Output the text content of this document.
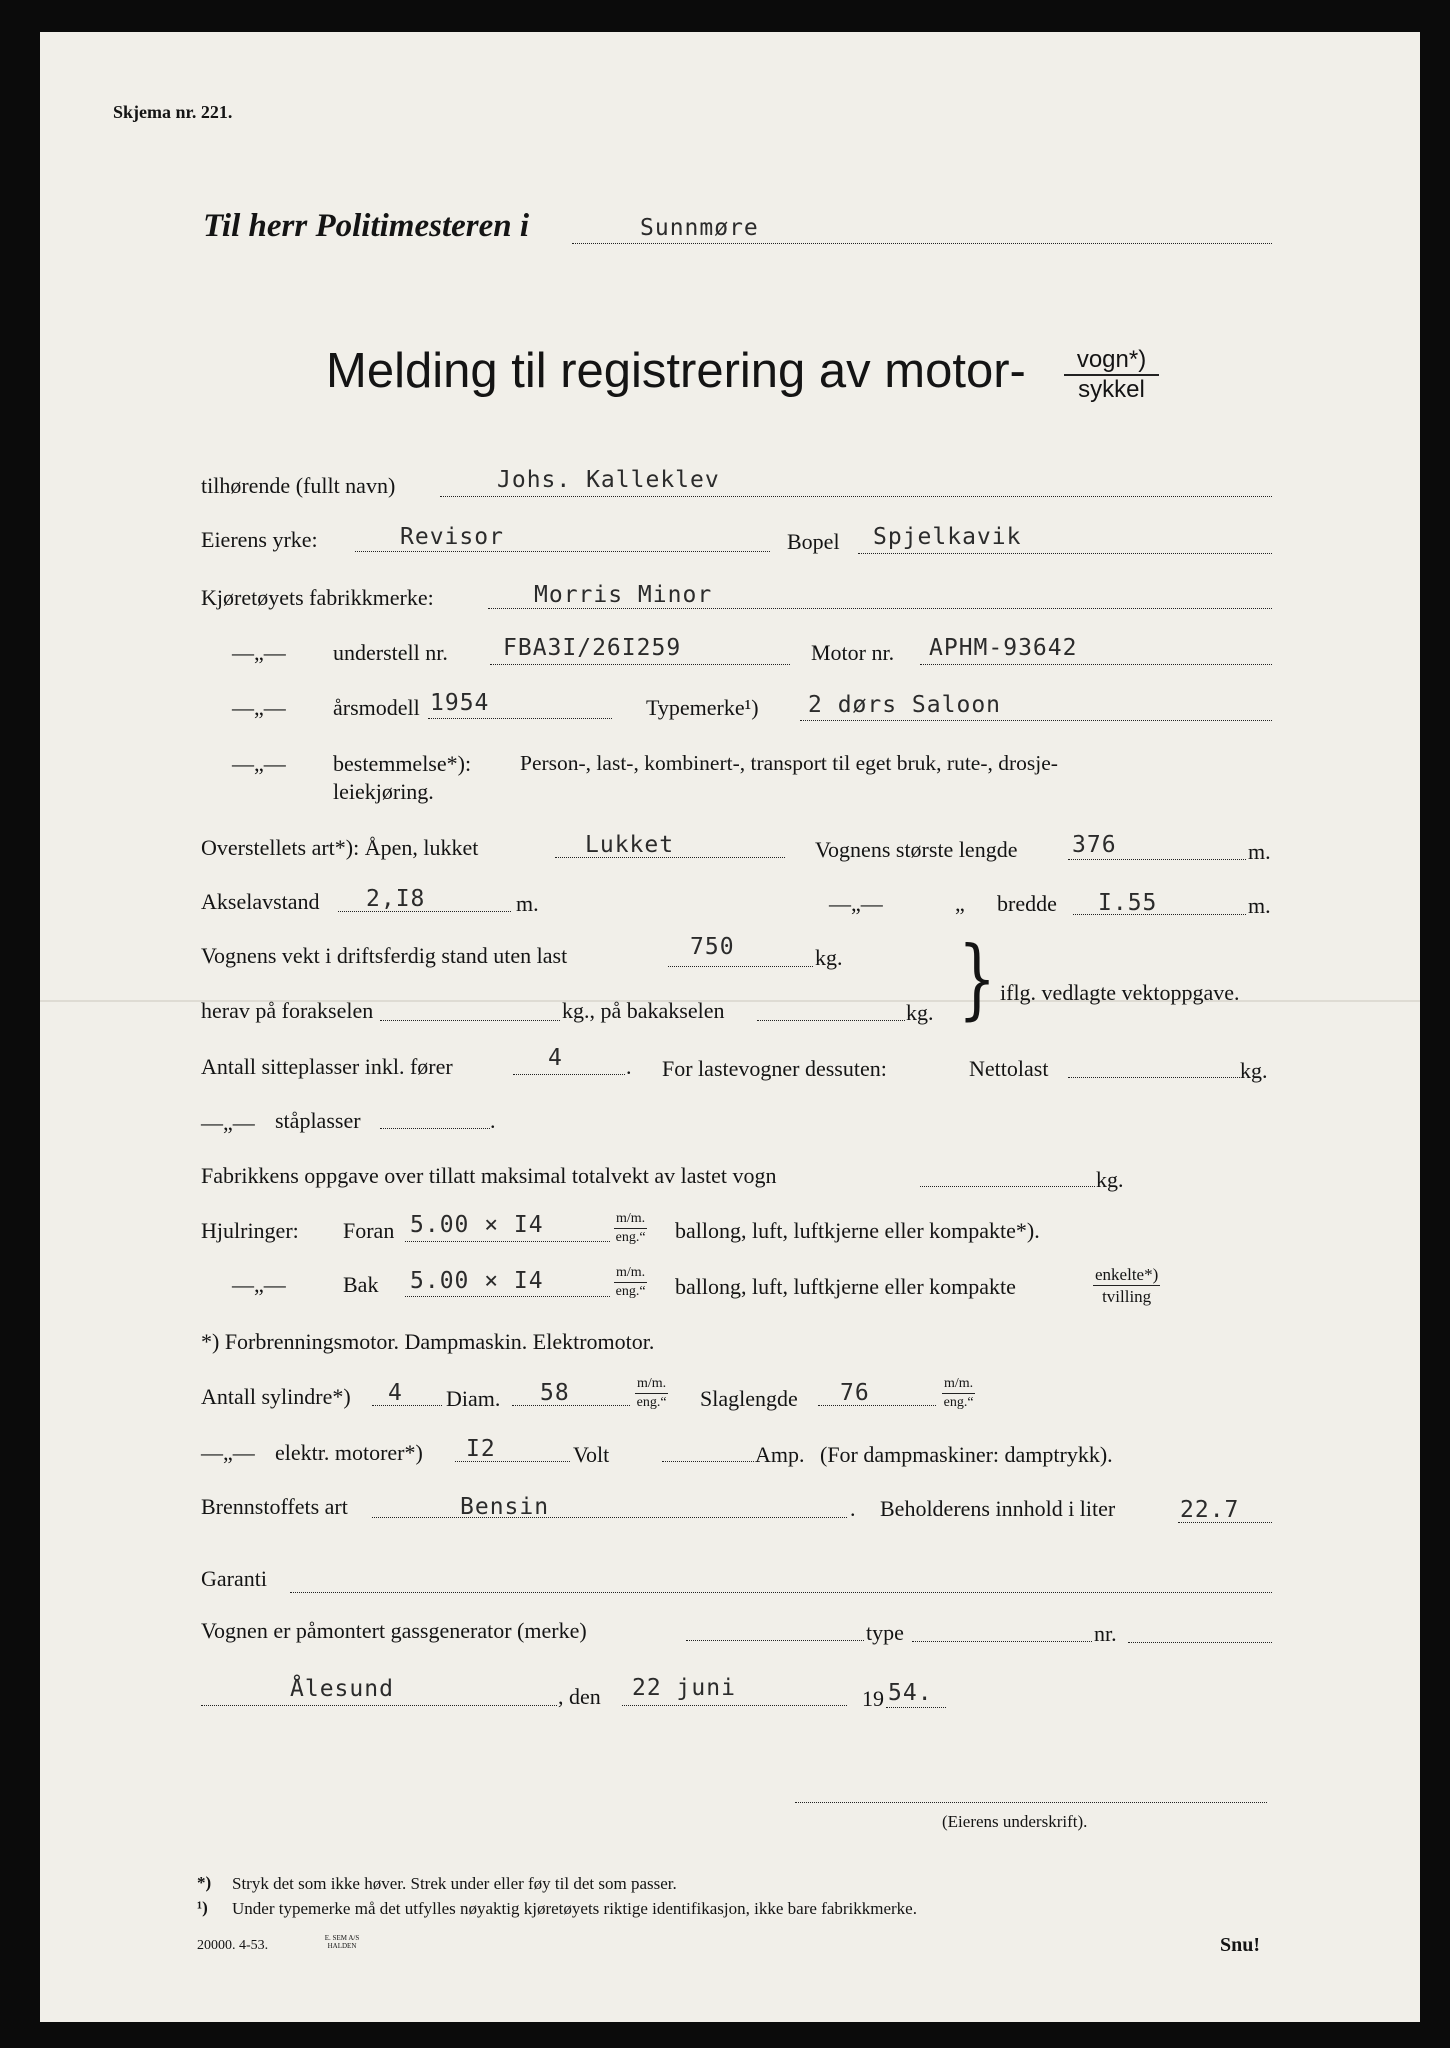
Skjema nr. 221.
Til herr Politimesteren i	Sunnmøre
Melding til registrering av motor-	vogn*)
sykkel
tilhørende (fullt navn)	Johs. Kalleklev
Eierens yrke:	Revisor	Bopel Spjelkavik
Kjøretøyets fabrikkmerke:	Morris Minor
—„— understell nr. FBA3I/26I259	Motor nr. APHM-93642
—„— årsmodell 1954	Typemerke¹) 2 dørs Saloon
—„— bestemmelse*): Person-, last-, kombinert-, transport til eget bruk, rute-, drosje-
leiekjøring.
Overstellets art*): Åpen, lukket	Lukket	Vognens største lengde 376	m.
Akselavstand 2,I8	m.	—„—	„ bredde I.55	m.
Vognens vekt i driftsferdig stand uten last	750	kg.
herav på forakselen	kg., på bakakselen	kg. } iflg. vedlagte vektoppgave.
Antall sitteplasser inkl. fører	4	. For lastevogner dessuten:	Nettolast	kg.
—„— ståplasser	.
Fabrikkens oppgave over tillatt maksimal totalvekt av lastet vogn	kg.
Hjulringer: Foran 5.00 × I4	m/m.
eng.“ ballong, luft, luftkjerne eller kompakte*).
—„—	Bak 5.00 × I4	m/m.
eng.“ ballong, luft, luftkjerne eller kompakte	enkelte*)
tvilling
*) Forbrenningsmotor. Dampmaskin. Elektromotor.
Antall sylindre*) 4 Diam. 58	m/m.
eng.“ Slaglengde 76	m/m.
eng.“
—„— elektr. motorer*) I2	Volt	Amp. (For dampmaskiner: damptrykk).
Brennstoffets art	Bensin	. Beholderens innhold i liter	22.7
Garanti
Vognen er påmontert gassgenerator (merke)	type	nr.
Ålesund	, den 22 juni	19 54.
(Eierens underskrift).
*) Stryk det som ikke høver. Strek under eller føy til det som passer.
¹) Under typemerke må det utfylles nøyaktig kjøretøyets riktige identifikasjon, ikke bare fabrikkmerke.
20000. 4-53.	E. SEM A/S HALDEN	Snu!
